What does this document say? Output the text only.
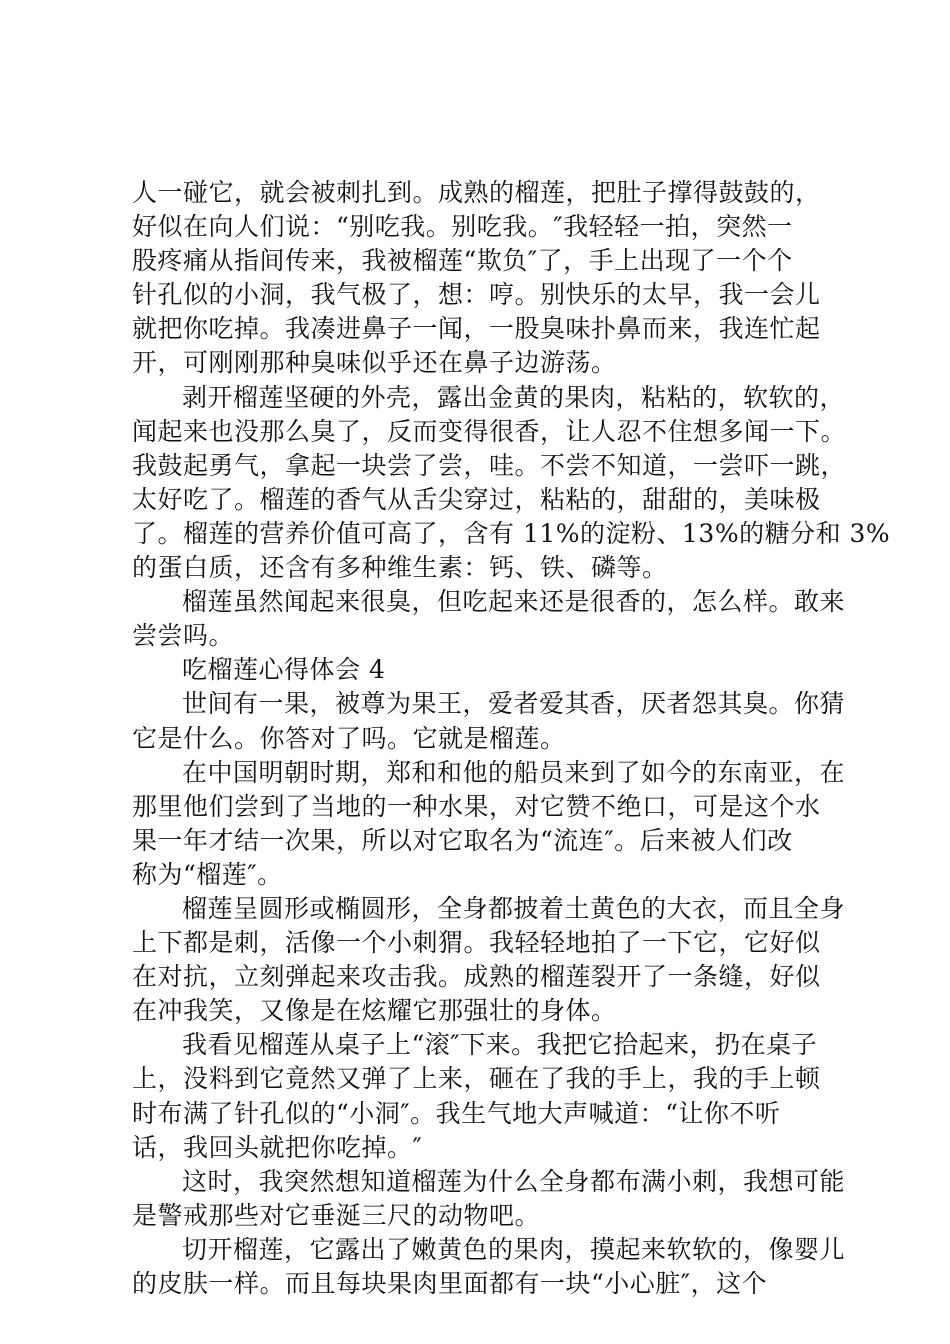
人一碰它，就会被刺扎到。成熟的榴莲，把肚子撑得鼓鼓的，
好似在向人们说：“别吃我。别吃我。″我轻轻一拍，突然一
股疼痛从指间传来，我被榴莲“欺负″了，手上出现了一个个
针孔似的小洞，我气极了，想：哼。别快乐的太早，我一会儿
就把你吃掉。我凑进鼻子一闻，一股臭味扑鼻而来，我连忙起
开，可刚刚那种臭味似乎还在鼻子边游荡。

剥开榴莲坚硬的外壳，露出金黄的果肉，粘粘的，软软的，
闻起来也没那么臭了，反而变得很香，让人忍不住想多闻一下。
我鼓起勇气，拿起一块尝了尝，哇。不尝不知道，一尝吓一跳，
太好吃了。榴莲的香气从舌尖穿过，粘粘的，甜甜的，美味极
了。榴莲的营养价值可高了，含有 11%的淀粉、13%的糖分和 3%
的蛋白质，还含有多种维生素：钙、铁、磷等。

榴莲虽然闻起来很臭，但吃起来还是很香的，怎么样。敢来
尝尝吗。

吃榴莲心得体会 4

世间有一果，被尊为果王，爱者爱其香，厌者怨其臭。你猜
它是什么。你答对了吗。它就是榴莲。

在中国明朝时期，郑和和他的船员来到了如今的东南亚，在
那里他们尝到了当地的一种水果，对它赞不绝口，可是这个水
果一年才结一次果，所以对它取名为“流连″。后来被人们改
称为“榴莲″。

榴莲呈圆形或椭圆形，全身都披着土黄色的大衣，而且全身
上下都是刺，活像一个小刺猬。我轻轻地拍了一下它，它好似
在对抗，立刻弹起来攻击我。成熟的榴莲裂开了一条缝，好似
在冲我笑，又像是在炫耀它那强壮的身体。

我看见榴莲从桌子上“滚″下来。我把它拾起来，扔在桌子
上，没料到它竟然又弹了上来，砸在了我的手上，我的手上顿
时布满了针孔似的“小洞″。我生气地大声喊道：“让你不听
话，我回头就把你吃掉。″

这时，我突然想知道榴莲为什么全身都布满小刺，我想可能
是警戒那些对它垂涎三尺的动物吧。

切开榴莲，它露出了嫩黄色的果肉，摸起来软软的，像婴儿
的皮肤一样。而且每块果肉里面都有一块“小心脏″，这个
